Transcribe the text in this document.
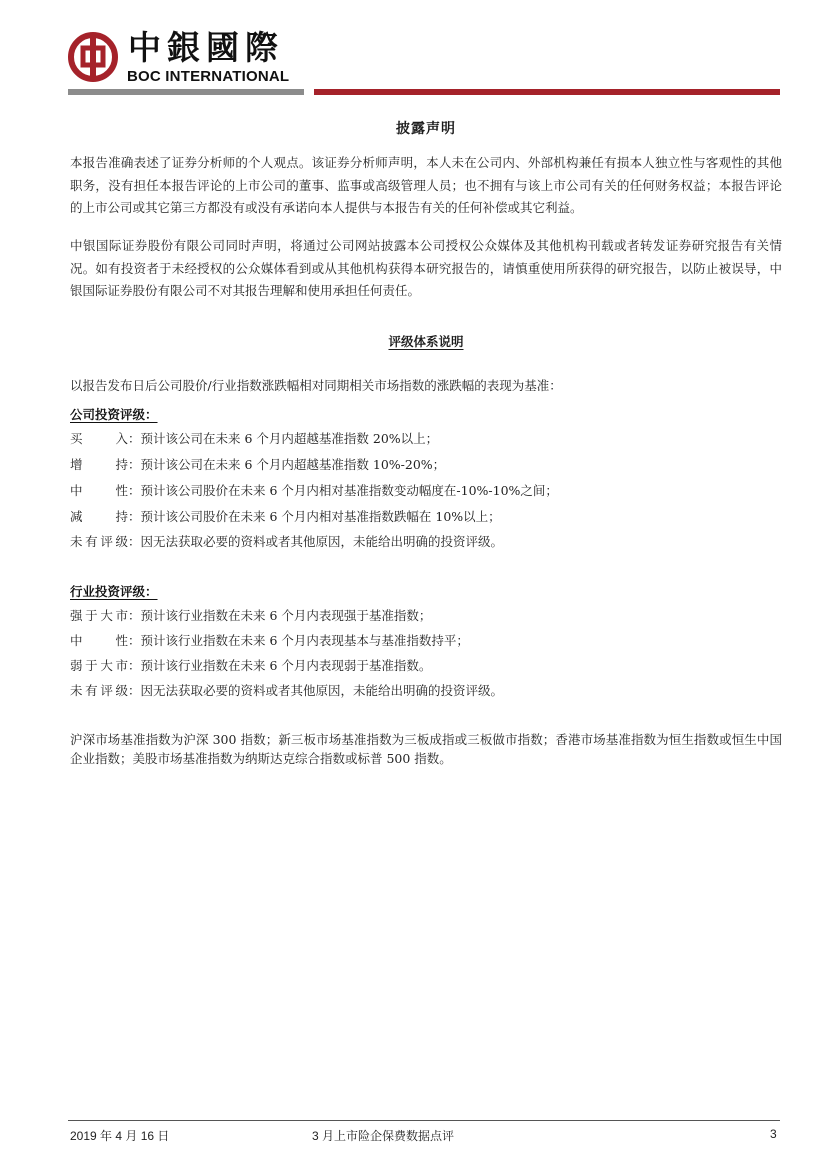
中銀國際
BOC INTERNATIONAL
披露声明

本报告准确表述了证券分析师的个人观点。该证券分析师声明，本人未在公司内、外部机构兼任有损本人独立性与客观性的其他职务，没有担任本报告评论的上市公司的董事、监事或高级管理人员；也不拥有与该上市公司有关的任何财务权益；本报告评论的上市公司或其它第三方都没有或没有承诺向本人提供与本报告有关的任何补偿或其它利益。

中银国际证券股份有限公司同时声明，将通过公司网站披露本公司授权公众媒体及其他机构刊载或者转发证券研究报告有关情况。如有投资者于未经授权的公众媒体看到或从其他机构获得本研究报告的，请慎重使用所获得的研究报告，以防止被误导，中银国际证券股份有限公司不对其报告理解和使用承担任何责任。

评级体系说明
以报告发布日后公司股价/行业指数涨跌幅相对同期相关市场指数的涨跌幅的表现为基准：
公司投资评级：
买　　入：预计该公司在未来 6 个月内超越基准指数 20%以上；
增　　持：预计该公司在未来 6 个月内超越基准指数 10%-20%；
中　　性：预计该公司股价在未来 6 个月内相对基准指数变动幅度在-10%-10%之间；
减　　持：预计该公司股价在未来 6 个月内相对基准指数跌幅在 10%以上；
未有评级：因无法获取必要的资料或者其他原因，未能给出明确的投资评级。
行业投资评级：
强于大市：预计该行业指数在未来 6 个月内表现强于基准指数；
中　　性：预计该行业指数在未来 6 个月内表现基本与基准指数持平；
弱于大市：预计该行业指数在未来 6 个月内表现弱于基准指数。
未有评级：因无法获取必要的资料或者其他原因，未能给出明确的投资评级。

沪深市场基准指数为沪深 300 指数；新三板市场基准指数为三板成指或三板做市指数；香港市场基准指数为恒生指数或恒生中国企业指数；美股市场基准指数为纳斯达克综合指数或标普 500 指数。

2019 年 4 月 16 日	3 月上市险企保费数据点评	3
